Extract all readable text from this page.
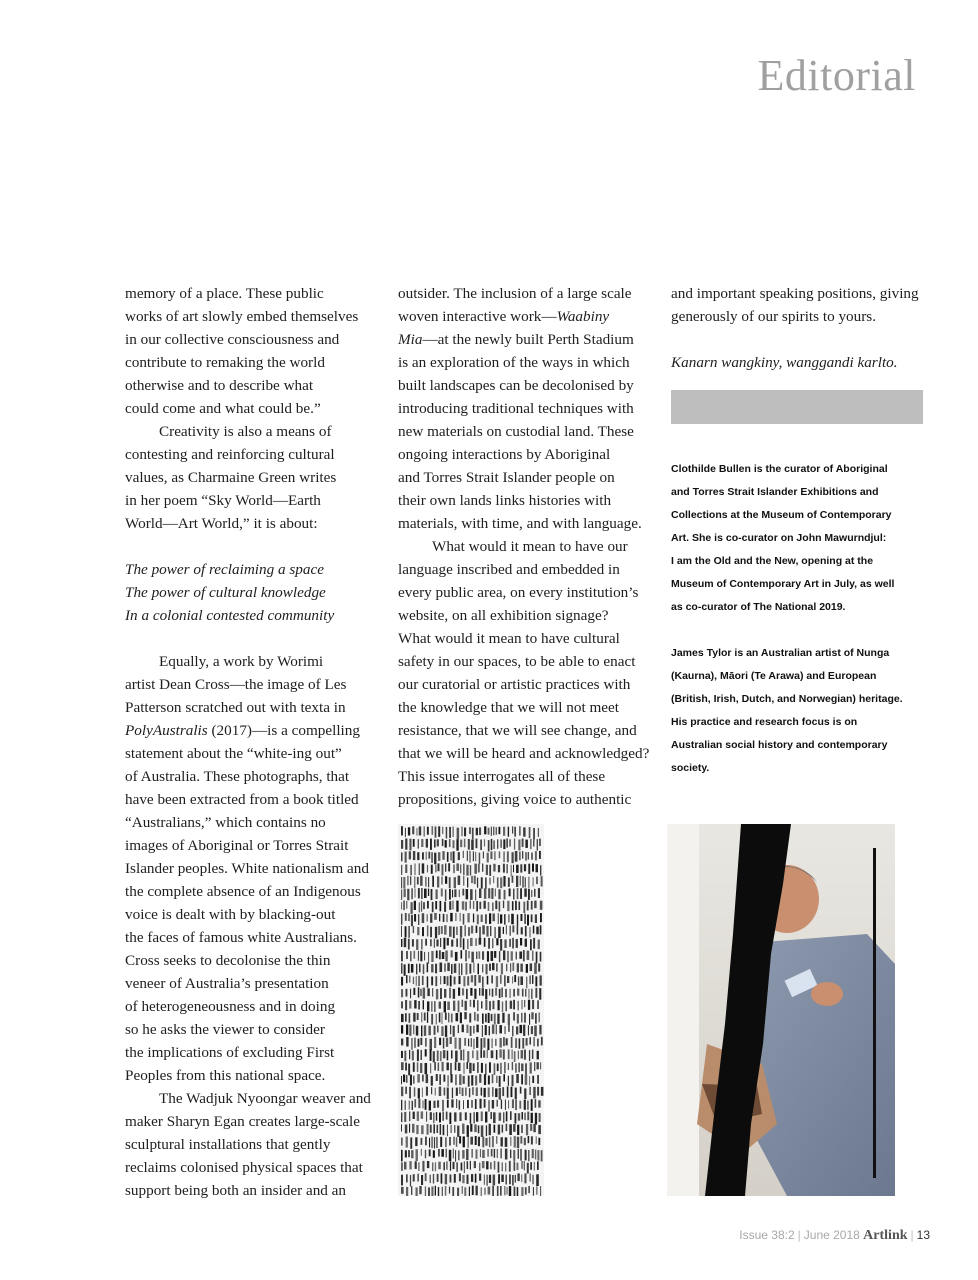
Editorial

memory of a place. These public
works of art slowly embed themselves
in our collective consciousness and
contribute to remaking the world
otherwise and to describe what
could come and what could be.”

Creativity is also a means of
contesting and reinforcing cultural
values, as Charmaine Green writes
in her poem “Sky World—Earth
World—Art World,” it is about:

The power of reclaiming a space
The power of cultural knowledge
In a colonial contested community

Equally, a work by Worimi
artist Dean Cross—the image of Les
Patterson scratched out with texta in
PolyAustralis (2017)—is a compelling
statement about the “white-ing out”
of Australia. These photographs, that
have been extracted from a book titled
“Australians,” which contains no
images of Aboriginal or Torres Strait
Islander peoples. White nationalism and
the complete absence of an Indigenous
voice is dealt with by blacking-out
the faces of famous white Australians.
Cross seeks to decolonise the thin
veneer of Australia’s presentation
of heterogeneousness and in doing
so he asks the viewer to consider
the implications of excluding First
Peoples from this national space.

The Wadjuk Nyoongar weaver and
maker Sharyn Egan creates large-scale
sculptural installations that gently
reclaims colonised physical spaces that
support being both an insider and an

outsider. The inclusion of a large scale
woven interactive work—Waabiny
Mia—at the newly built Perth Stadium
is an exploration of the ways in which
built landscapes can be decolonised by
introducing traditional techniques with
new materials on custodial land. These
ongoing interactions by Aboriginal
and Torres Strait Islander people on
their own lands links histories with
materials, with time, and with language.

What would it mean to have our
language inscribed and embedded in
every public area, on every institution’s
website, on all exhibition signage?
What would it mean to have cultural
safety in our spaces, to be able to enact
our curatorial or artistic practices with
the knowledge that we will not meet
resistance, that we will see change, and
that we will be heard and acknowledged?
This issue interrogates all of these
propositions, giving voice to authentic

and important speaking positions, giving
generously of our spirits to yours.

Kanarn wangkiny, wanggandi karlto.

Clothilde Bullen is the curator of Aboriginal
and Torres Strait Islander Exhibitions and
Collections at the Museum of Contemporary
Art. She is co-curator on John Mawurndjul:
I am the Old and the New, opening at the
Museum of Contemporary Art in July, as well
as co-curator of The National 2019.
James Tylor is an Australian artist of Nunga
(Kaurna), Māori (Te Arawa) and European
(British, Irish, Dutch, and Norwegian) heritage.
His practice and research focus is on
Australian social history and contemporary
society.
Issue 38:2 | June 2018 Artlink | 13
